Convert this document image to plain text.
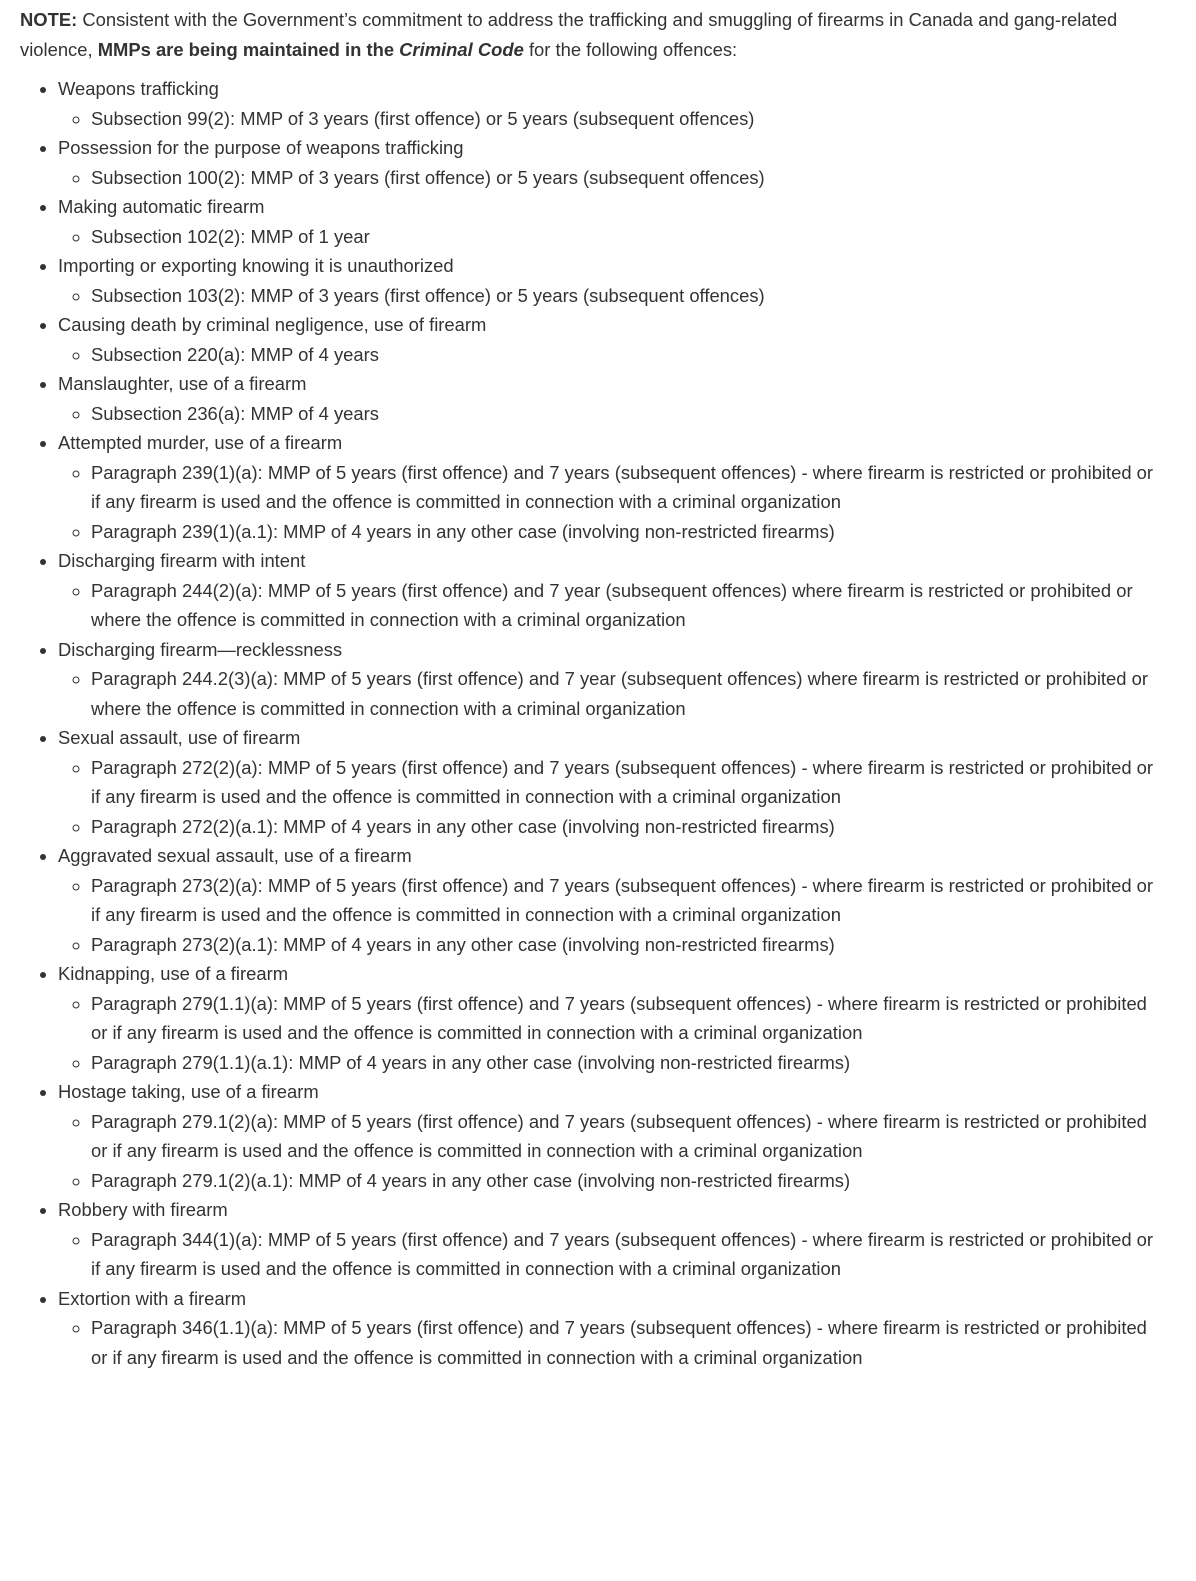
NOTE: Consistent with the Government’s commitment to address the trafficking and smuggling of firearms in Canada and gang-related violence, MMPs are being maintained in the Criminal Code for the following offences:

• Weapons trafficking
◦ Subsection 99(2): MMP of 3 years (first offence) or 5 years (subsequent offences)
• Possession for the purpose of weapons trafficking
◦ Subsection 100(2): MMP of 3 years (first offence) or 5 years (subsequent offences)
• Making automatic firearm
◦ Subsection 102(2): MMP of 1 year
• Importing or exporting knowing it is unauthorized
◦ Subsection 103(2): MMP of 3 years (first offence) or 5 years (subsequent offences)
• Causing death by criminal negligence, use of firearm
◦ Subsection 220(a): MMP of 4 years
• Manslaughter, use of a firearm
◦ Subsection 236(a): MMP of 4 years
• Attempted murder, use of a firearm
◦ Paragraph 239(1)(a): MMP of 5 years (first offence) and 7 years (subsequent offences) - where firearm is restricted or prohibited or if any firearm is used and the offence is committed in connection with a criminal organization
◦ Paragraph 239(1)(a.1): MMP of 4 years in any other case (involving non-restricted firearms)
• Discharging firearm with intent
◦ Paragraph 244(2)(a): MMP of 5 years (first offence) and 7 year (subsequent offences) where firearm is restricted or prohibited or where the offence is committed in connection with a criminal organization
• Discharging firearm—recklessness
◦ Paragraph 244.2(3)(a): MMP of 5 years (first offence) and 7 year (subsequent offences) where firearm is restricted or prohibited or where the offence is committed in connection with a criminal organization
• Sexual assault, use of firearm
◦ Paragraph 272(2)(a): MMP of 5 years (first offence) and 7 years (subsequent offences) - where firearm is restricted or prohibited or if any firearm is used and the offence is committed in connection with a criminal organization
◦ Paragraph 272(2)(a.1): MMP of 4 years in any other case (involving non-restricted firearms)
• Aggravated sexual assault, use of a firearm
◦ Paragraph 273(2)(a): MMP of 5 years (first offence) and 7 years (subsequent offences) - where firearm is restricted or prohibited or if any firearm is used and the offence is committed in connection with a criminal organization
◦ Paragraph 273(2)(a.1): MMP of 4 years in any other case (involving non-restricted firearms)
• Kidnapping, use of a firearm
◦ Paragraph 279(1.1)(a): MMP of 5 years (first offence) and 7 years (subsequent offences) - where firearm is restricted or prohibited or if any firearm is used and the offence is committed in connection with a criminal organization
◦ Paragraph 279(1.1)(a.1): MMP of 4 years in any other case (involving non-restricted firearms)
• Hostage taking, use of a firearm
◦ Paragraph 279.1(2)(a): MMP of 5 years (first offence) and 7 years (subsequent offences) - where firearm is restricted or prohibited or if any firearm is used and the offence is committed in connection with a criminal organization
◦ Paragraph 279.1(2)(a.1): MMP of 4 years in any other case (involving non-restricted firearms)
• Robbery with firearm
◦ Paragraph 344(1)(a): MMP of 5 years (first offence) and 7 years (subsequent offences) - where firearm is restricted or prohibited or if any firearm is used and the offence is committed in connection with a criminal organization
• Extortion with a firearm
◦ Paragraph 346(1.1)(a): MMP of 5 years (first offence) and 7 years (subsequent offences) - where firearm is restricted or prohibited or if any firearm is used and the offence is committed in connection with a criminal organization
